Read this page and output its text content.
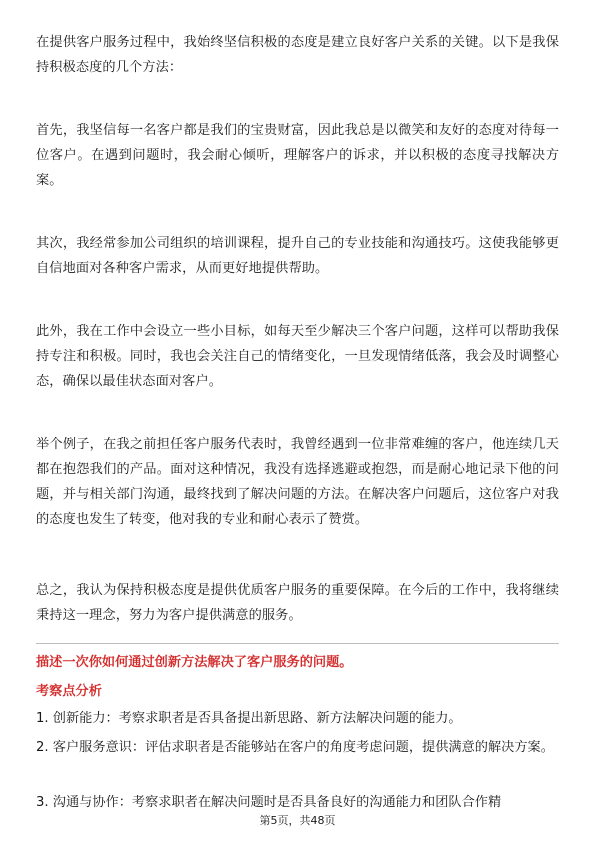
在提供客户服务过程中，我始终坚信积极的态度是建立良好客户关系的关键。以下是我保持积极态度的几个方法：

首先，我坚信每一名客户都是我们的宝贵财富，因此我总是以微笑和友好的态度对待每一位客户。在遇到问题时，我会耐心倾听，理解客户的诉求，并以积极的态度寻找解决方案。

其次，我经常参加公司组织的培训课程，提升自己的专业技能和沟通技巧。这使我能够更自信地面对各种客户需求，从而更好地提供帮助。

此外，我在工作中会设立一些小目标，如每天至少解决三个客户问题，这样可以帮助我保持专注和积极。同时，我也会关注自己的情绪变化，一旦发现情绪低落，我会及时调整心态，确保以最佳状态面对客户。

举个例子，在我之前担任客户服务代表时，我曾经遇到一位非常难缠的客户，他连续几天都在抱怨我们的产品。面对这种情况，我没有选择逃避或抱怨，而是耐心地记录下他的问题，并与相关部门沟通，最终找到了解决问题的方法。在解决客户问题后，这位客户对我的态度也发生了转变，他对我的专业和耐心表示了赞赏。

总之，我认为保持积极态度是提供优质客户服务的重要保障。在今后的工作中，我将继续秉持这一理念，努力为客户提供满意的服务。

描述一次你如何通过创新方法解决了客户服务的问题。

考察点分析

1. 创新能力：考察求职者是否具备提出新思路、新方法解决问题的能力。

2. 客户服务意识：评估求职者是否能够站在客户的角度考虑问题，提供满意的解决方案。

3. 沟通与协作：考察求职者在解决问题时是否具备良好的沟通能力和团队合作精

第5页，共48页
